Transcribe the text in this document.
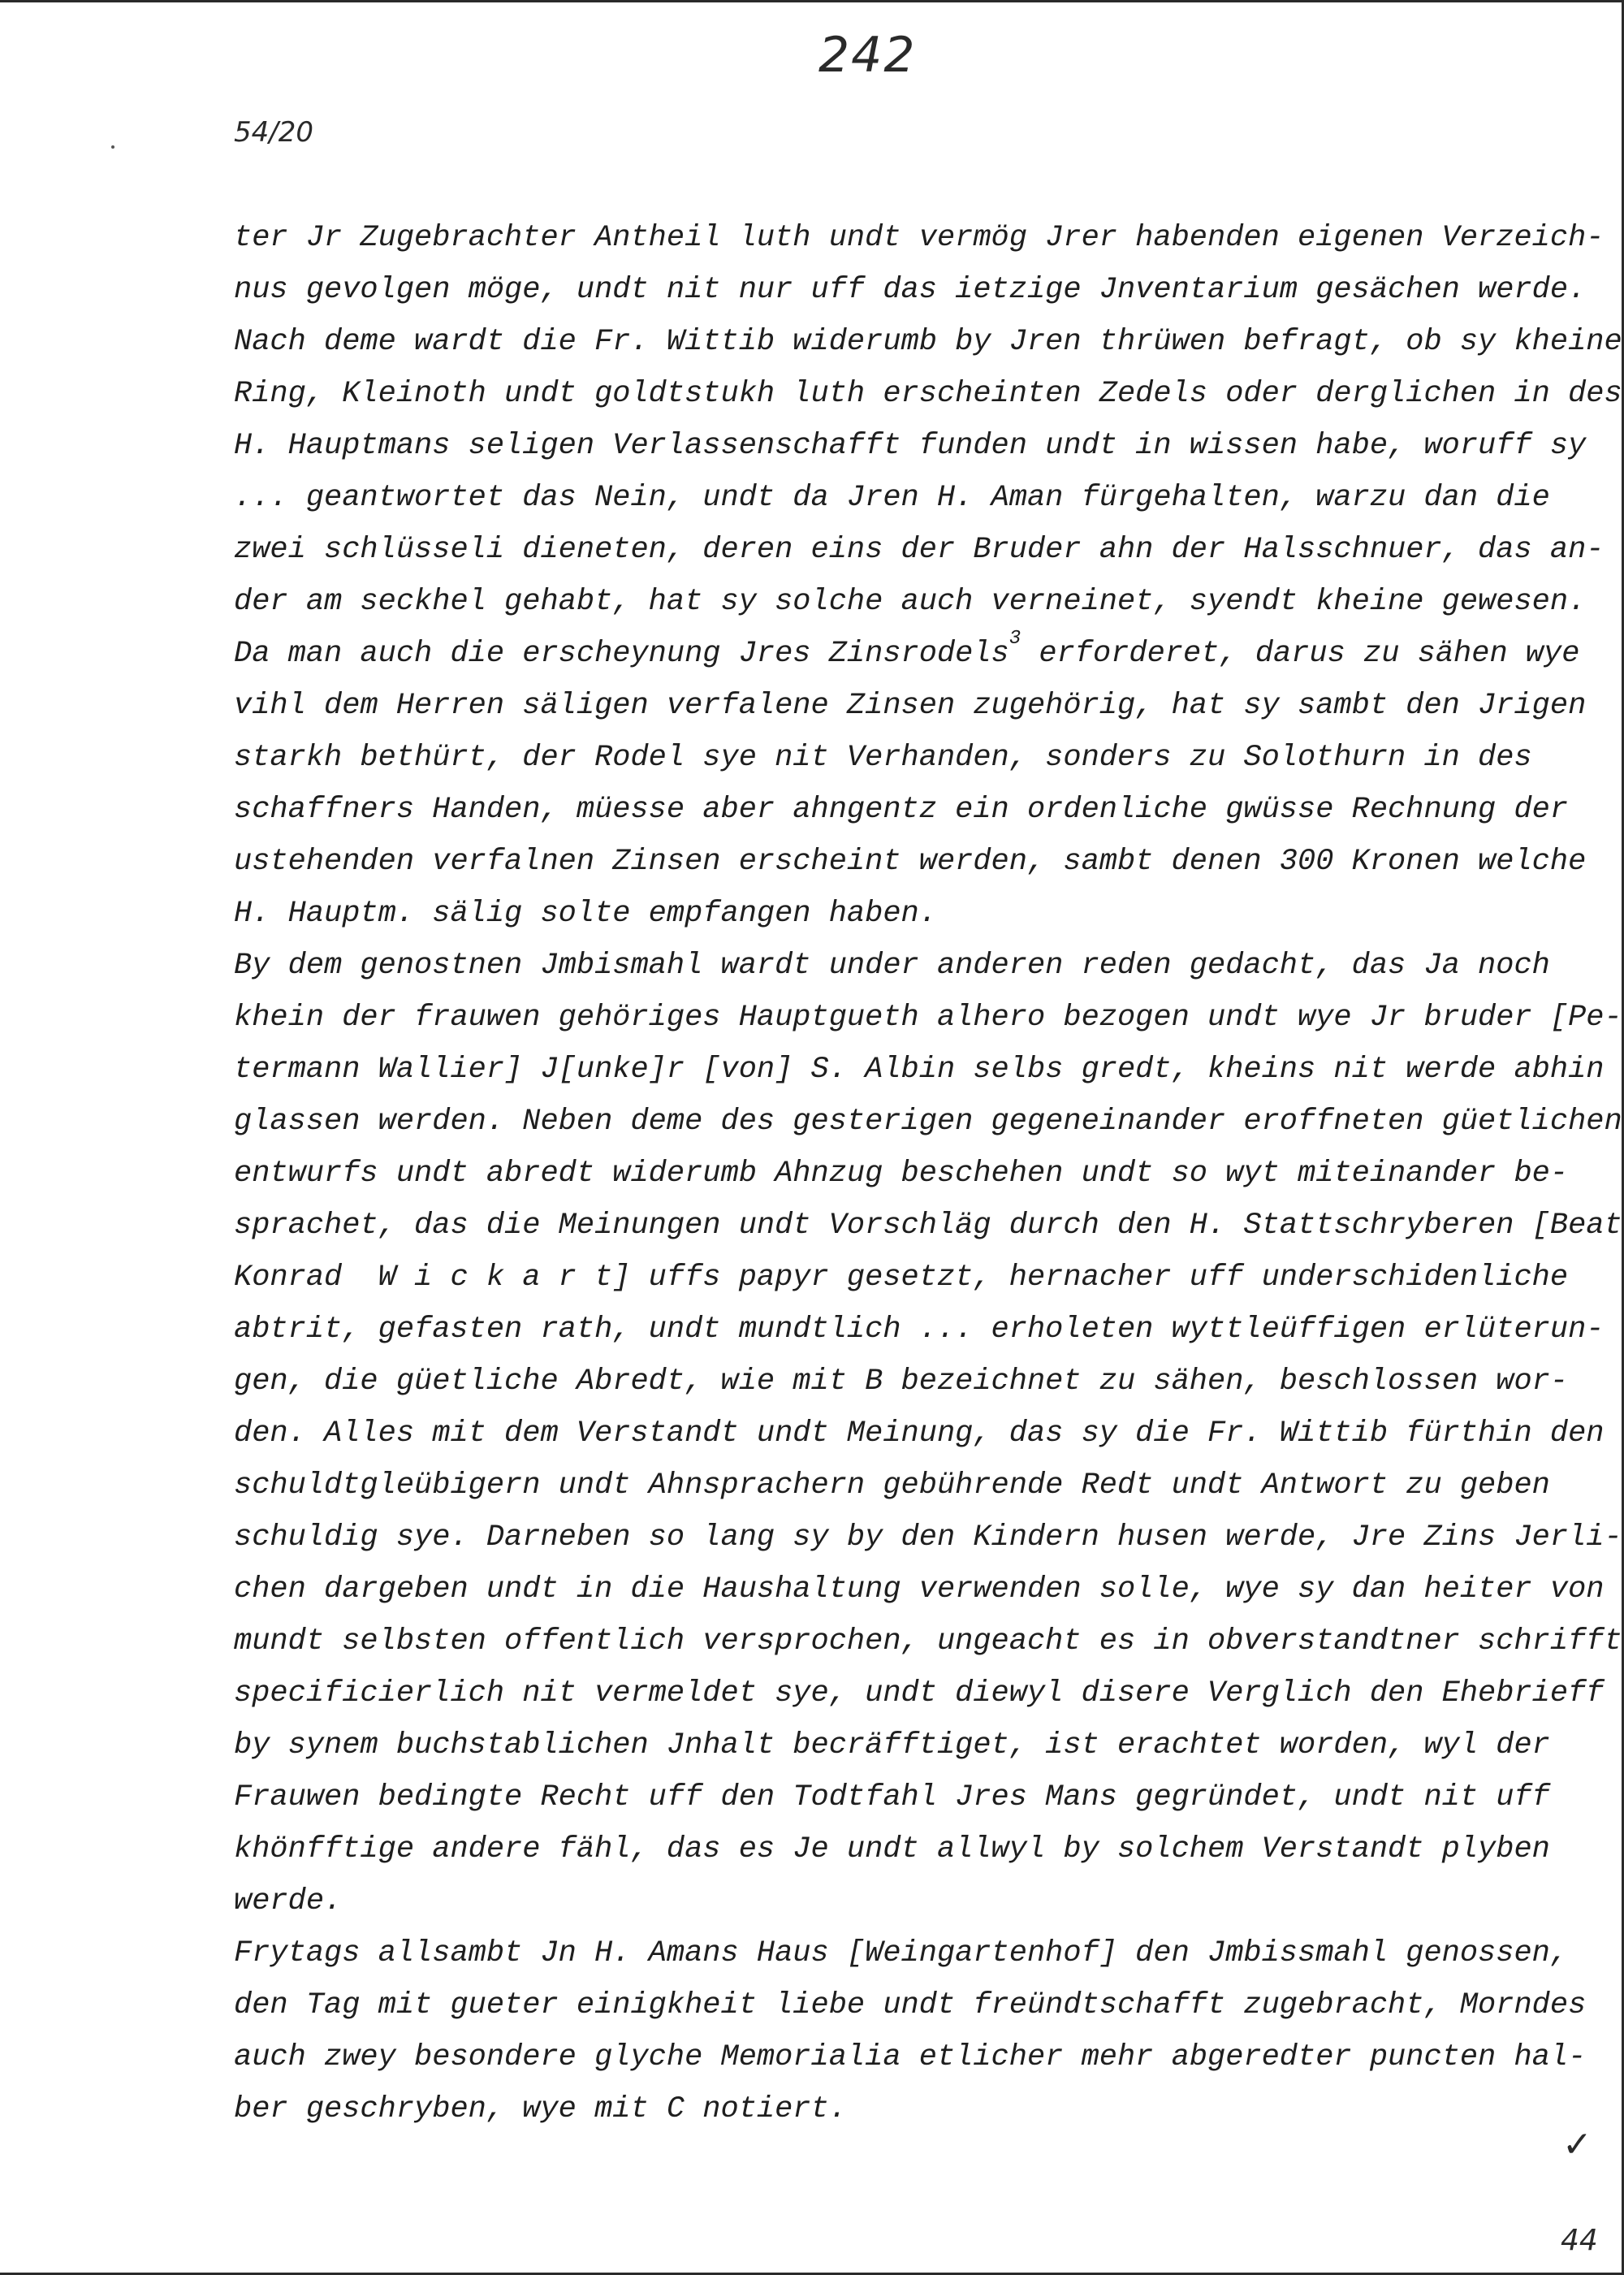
242
54/20
ter Jr Zugebrachter Antheil luth undt vermög Jrer habenden eigenen Verzeich-
nus gevolgen möge, undt nit nur uff das ietzige Jnventarium gesächen werde.
Nach deme wardt die Fr. Wittib widerumb by Jren thrüwen befragt, ob sy kheine
Ring, Kleinoth undt goldtstukh luth erscheinten Zedels oder derglichen in des
H. Hauptmans seligen Verlassenschafft funden undt in wissen habe, woruff sy
... geantwortet das Nein, undt da Jren H. Aman fürgehalten, warzu dan die
zwei schlüsseli dieneten, deren eins der Bruder ahn der Halsschnuer, das an-
der am seckhel gehabt, hat sy solche auch verneinet, syendt kheine gewesen.
Da man auch die erscheynung Jres Zinsrodels$^3$ erforderet, darus zu sähen wye
vihl dem Herren säligen verfalene Zinsen zugehörig, hat sy sambt den Jrigen
starkh bethürt, der Rodel sye nit Verhanden, sonders zu Solothurn in des
schaffners Handen, müesse aber ahngentz ein ordenliche gwüsse Rechnung der
ustehenden verfalnen Zinsen erscheint werden, sambt denen 300 Kronen welche
H. Hauptm. sälig solte empfangen haben.
By dem genostnen Jmbismahl wardt under anderen reden gedacht, das Ja noch
khein der frauwen gehöriges Hauptgueth alhero bezogen undt wye Jr bruder [Pe-
termann Wallier] J[unke]r [von] S. Albin selbs gredt, kheins nit werde abhin
glassen werden. Neben deme des gesterigen gegeneinander eroffneten güetlichen
entwurfs undt abredt widerumb Ahnzug beschehen undt so wyt miteinander be-
sprachet, das die Meinungen undt Vorschläg durch den H. Stattschryberen [Beat
Konrad  W i c k a r t] uffs papyr gesetzt, hernacher uff underschidenliche
abtrit, gefasten rath, undt mundtlich ... erholeten wyttleüffigen erlüterun-
gen, die güetliche Abredt, wie mit B bezeichnet zu sähen, beschlossen wor-
den. Alles mit dem Verstandt undt Meinung, das sy die Fr. Wittib fürthin den
schuldtgleübigern undt Ahnsprachern gebührende Redt undt Antwort zu geben
schuldig sye. Darneben so lang sy by den Kindern husen werde, Jre Zins Jerli-
chen dargeben undt in die Haushaltung verwenden solle, wye sy dan heiter von
mundt selbsten offentlich versprochen, ungeacht es in obverstandtner schrifft
specificierlich nit vermeldet sye, undt diewyl disere Verglich den Ehebrieff
by synem buchstablichen Jnhalt becräfftiget, ist erachtet worden, wyl der
Frauwen bedingte Recht uff den Todtfahl Jres Mans gegründet, undt nit uff
khönfftige andere fähl, das es Je undt allwyl by solchem Verstandt plyben
werde.
Frytags allsambt Jn H. Amans Haus [Weingartenhof] den Jmbissmahl genossen,
den Tag mit gueter einigkheit liebe undt freündtschafft zugebracht, Morndes
auch zwey besondere glyche Memorialia etlicher mehr abgeredter puncten hal-
ber geschryben, wye mit C notiert.
✓
44
